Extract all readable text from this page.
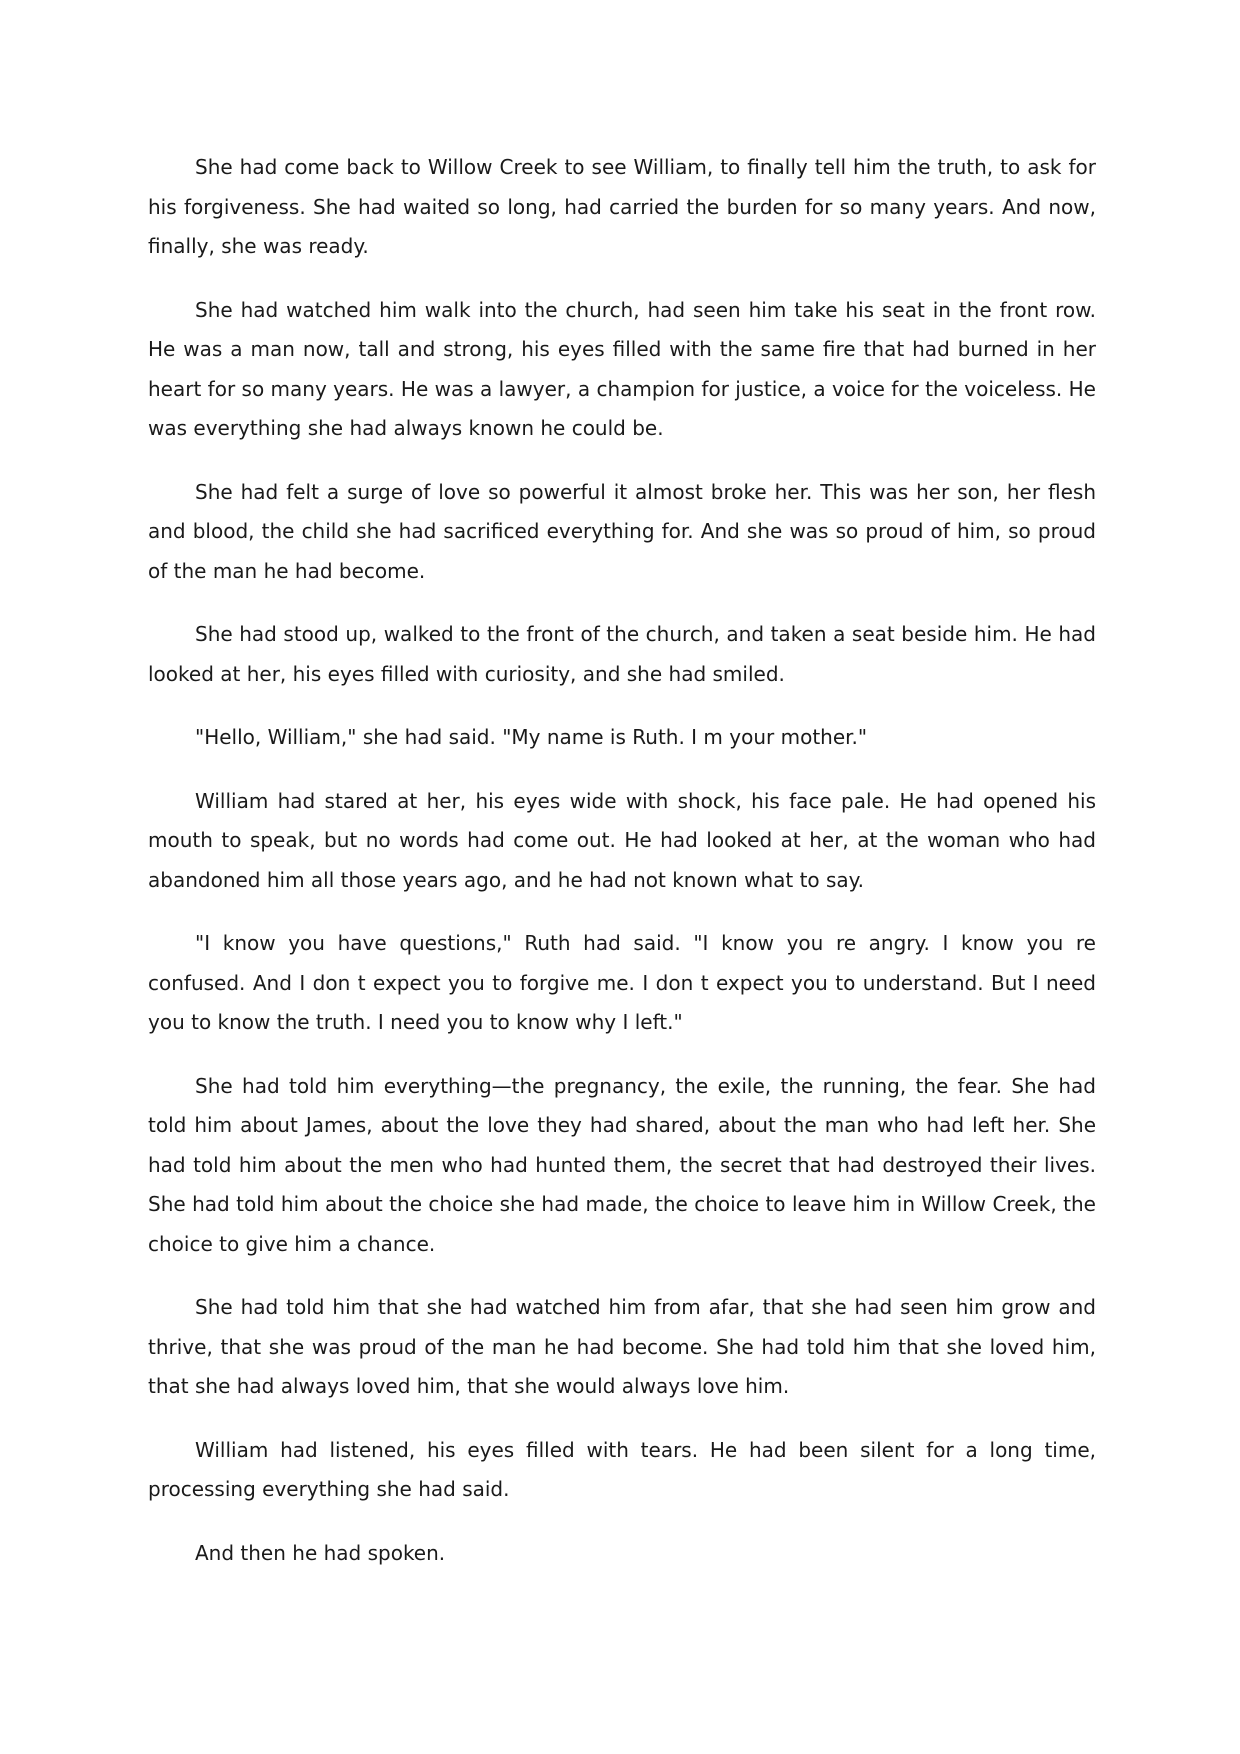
She had come back to Willow Creek to see William, to finally tell him the truth, to ask for his forgiveness. She had waited so long, had carried the burden for so many years. And now, finally, she was ready.

She had watched him walk into the church, had seen him take his seat in the front row. He was a man now, tall and strong, his eyes filled with the same fire that had burned in her heart for so many years. He was a lawyer, a champion for justice, a voice for the voiceless. He was everything she had always known he could be.

She had felt a surge of love so powerful it almost broke her. This was her son, her flesh and blood, the child she had sacrificed everything for. And she was so proud of him, so proud of the man he had become.

She had stood up, walked to the front of the church, and taken a seat beside him. He had looked at her, his eyes filled with curiosity, and she had smiled.

"Hello, William," she had said. "My name is Ruth. I m your mother."

William had stared at her, his eyes wide with shock, his face pale. He had opened his mouth to speak, but no words had come out. He had looked at her, at the woman who had abandoned him all those years ago, and he had not known what to say.

"I know you have questions," Ruth had said. "I know you re angry. I know you re confused. And I don t expect you to forgive me. I don t expect you to understand. But I need you to know the truth. I need you to know why I left."

She had told him everything—the pregnancy, the exile, the running, the fear. She had told him about James, about the love they had shared, about the man who had left her. She had told him about the men who had hunted them, the secret that had destroyed their lives. She had told him about the choice she had made, the choice to leave him in Willow Creek, the choice to give him a chance.

She had told him that she had watched him from afar, that she had seen him grow and thrive, that she was proud of the man he had become. She had told him that she loved him, that she had always loved him, that she would always love him.

William had listened, his eyes filled with tears. He had been silent for a long time, processing everything she had said.

And then he had spoken.
